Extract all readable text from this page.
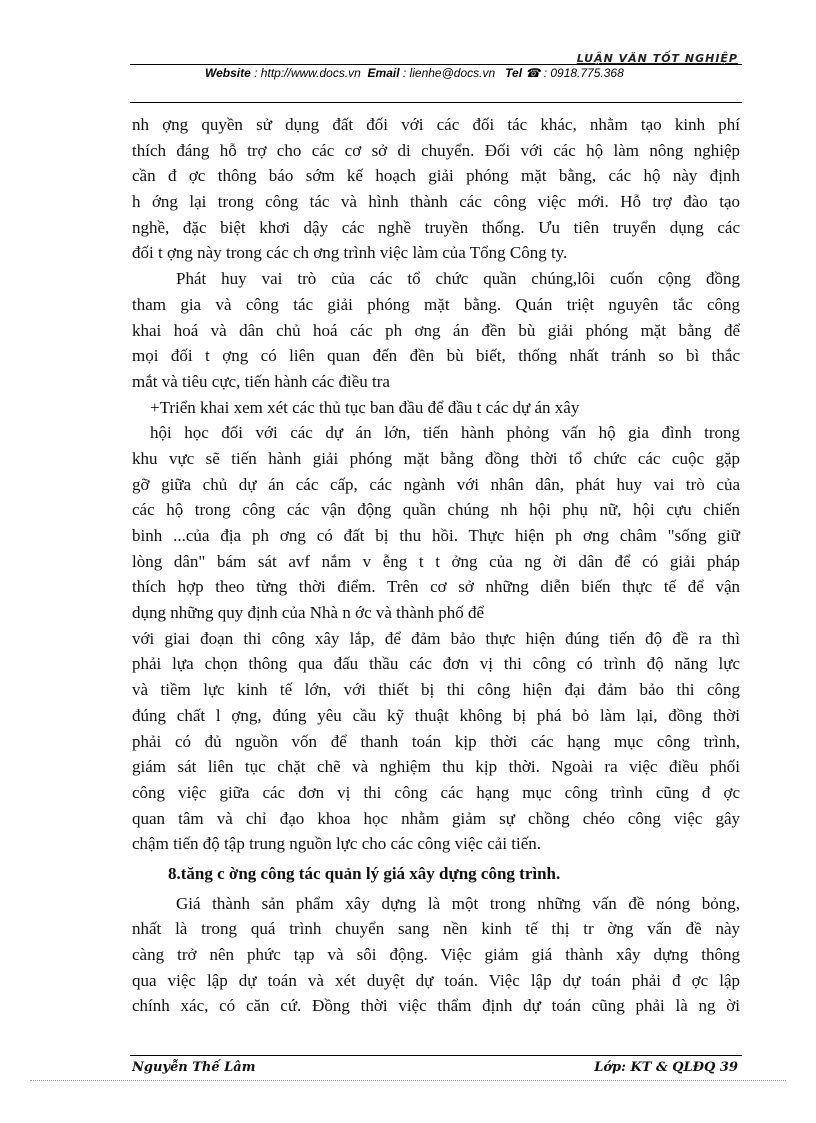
LUẬN VĂN TỐT NGHIỆP
Website : http://www.docs.vn Email : lienhe@docs.vn Tel ☎ : 0918.775.368
nh ợng quyền sử dụng đất đối với các đối tác khác, nhằm tạo kinh phí
thích đáng hỗ trợ cho các cơ sở di chuyển. Đối với các hộ làm nông nghiệp
cần đ ợc thông báo sớm kế hoạch giải phóng mặt bằng, các hộ này định
h ớng lại trong công tác và hình thành các công việc mới. Hỗ trợ đào tạo
nghề, đặc biệt khơi dậy các nghề truyền thống. Ưu tiên truyển dụng các
đối t ợng này trong các ch ơng trình việc làm của Tổng Công ty.
Phát huy vai trò của các tổ chức quần chúng,lôi cuốn cộng đồng
tham gia và công tác giải phóng mặt bằng. Quán triệt nguyên tắc công
khai hoá và dân chủ hoá các ph ơng án đền bù giải phóng mặt bằng để
mọi đối t ợng có liên quan đến đền bù biết, thống nhất tránh so bì thắc
mắt và tiêu cực, tiến hành các điều tra
+Triển khai xem xét các thủ tục ban đầu để đầu t các dự án xây
hội học đối với các dự án lớn, tiến hành phỏng vấn hộ gia đình trong
khu vực sẽ tiến hành giải phóng mặt bằng đồng thời tổ chức các cuộc gặp
gỡ giữa chủ dự án các cấp, các ngành với nhân dân, phát huy vai trò của
các hộ trong công các vận động quần chúng nh hội phụ nữ, hội cựu chiến
binh ...của địa ph ơng có đất bị thu hồi. Thực hiện ph ơng châm "sống giữ
lòng dân" bám sát avf nắm v ễng t t ởng của ng ời dân để có giải pháp
thích hợp theo từng thời điểm. Trên cơ sở những diễn biến thực tế để vận
dụng những quy định của Nhà n ớc và thành phố để
với giai đoạn thi công xây lắp, để đảm bảo thực hiện đúng tiến độ đề ra thì
phải lựa chọn thông qua đấu thầu các đơn vị thi công có trình độ năng lực
và tiềm lực kinh tế lớn, với thiết bị thi công hiện đại đảm bảo thi công
đúng chất l ợng, đúng yêu cầu kỹ thuật không bị phá bỏ làm lại, đồng thời
phải có đủ nguồn vốn để thanh toán kịp thời các hạng mục công trình,
giám sát liên tục chặt chẽ và nghiệm thu kịp thời. Ngoài ra việc điều phối
công việc giữa các đơn vị thi công các hạng mục công trình cũng đ ợc
quan tâm và chỉ đạo khoa học nhằm giảm sự chồng chéo công việc gây
chậm tiến độ tập trung nguồn lực cho các công việc cải tiến.
8.tăng c ờng công tác quản lý giá xây dựng công trình.
Giá thành sản phẩm xây dựng là một trong những vấn đề nóng bỏng,
nhất là trong quá trình chuyển sang nền kinh tế thị tr ờng vấn đề này
càng trở nên phức tạp và sôi động. Việc giảm giá thành xây dựng thông
qua việc lập dự toán và xét duyệt dự toán. Việc lập dự toán phải đ ợc lập
chính xác, có căn cứ. Đồng thời việc thẩm định dự toán cũng phải là ng ời
Nguyễn Thế Lâm	Lớp: KT & QLĐQ 39
